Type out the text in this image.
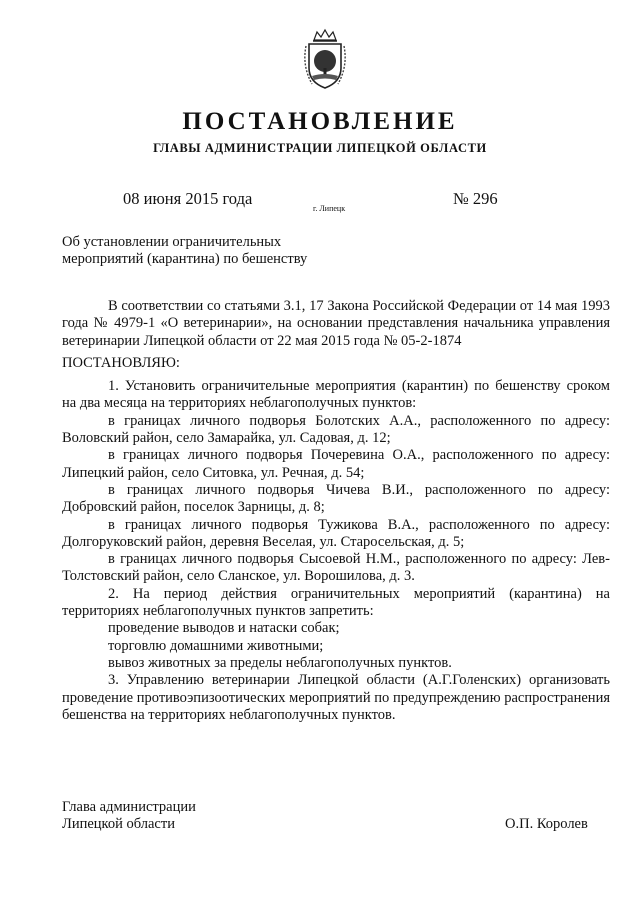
ПОСТАНОВЛЕНИЕ
ГЛАВЫ АДМИНИСТРАЦИИ ЛИПЕЦКОЙ ОБЛАСТИ
08 июня 2015 года
г. Липецк
№ 296
Об установлении ограничительных
мероприятий (карантина) по бешенству

В соответствии со статьями 3.1, 17 Закона Российской Федерации от 14 мая 1993 года № 4979-1 «О ветеринарии», на основании представления начальника управления ветеринарии Липецкой области от 22 мая 2015 года № 05-2-1874

ПОСТАНОВЛЯЮ:

1. Установить ограничительные мероприятия (карантин) по бешенству сроком на два месяца на территориях неблагополучных пунктов:

в границах личного подворья Болотских А.А., расположенного по адресу: Воловский район, село Замарайка, ул. Садовая, д. 12;

в границах личного подворья Почеревина О.А., расположенного по адресу: Липецкий район, село Ситовка, ул. Речная, д. 54;

в границах личного подворья Чичева В.И., расположенного по адресу: Добровский район, поселок Зарницы, д. 8;

в границах личного подворья Тужикова В.А., расположенного по адресу: Долгоруковский район, деревня Веселая, ул. Старосельская, д. 5;

в границах личного подворья Сысоевой Н.М., расположенного по адресу: Лев-Толстовский район, село Сланское, ул. Ворошилова, д. 3.

2. На период действия ограничительных мероприятий (карантина) на территориях неблагополучных пунктов запретить:

проведение выводов и натаски собак;

торговлю домашними животными;

вывоз животных за пределы неблагополучных пунктов.

3. Управлению ветеринарии Липецкой области (А.Г.Голенских) организовать проведение противоэпизоотических мероприятий по предупреждению распространения бешенства на территориях неблагополучных пунктов.

Глава администрации
Липецкой области	О.П. Королев
